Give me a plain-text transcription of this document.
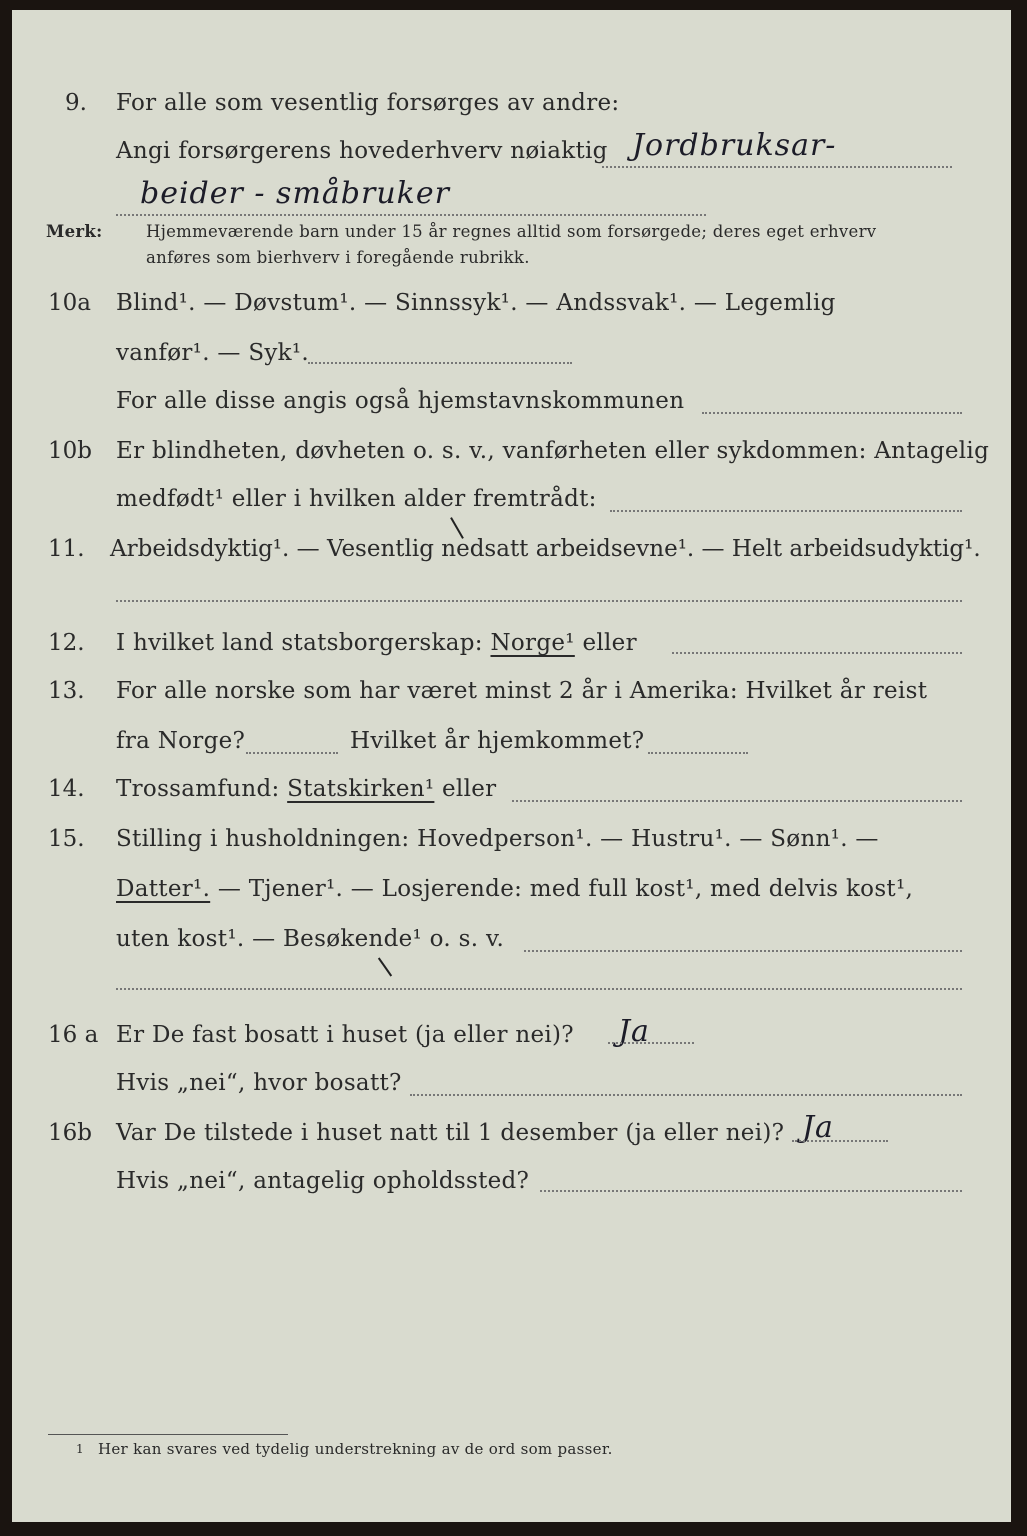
9. For alle som vesentlig forsørges av andre:
Angi forsørgerens hovederhverv nøiaktig Jordbruksar-
beider - småbruker
Merk:	Hjemmeværende barn under 15 år regnes alltid som forsørgede; deres eget erhverv
anføres som bierhverv i foregående rubrikk.
10a Blind¹. — Døvstum¹. — Sinnssyk¹. — Andssvak¹. — Legemlig
vanfør¹. — Syk¹.
For alle disse angis også hjemstavnskommunen
10b Er blindheten, døvheten o. s. v., vanførheten eller sykdommen: Antagelig
medfødt¹ eller i hvilken alder fremtrådt:
11. Arbeidsdyktig¹. — Vesentlig nedsatt arbeidsevne¹. — Helt arbeidsudyktig¹.
12. I hvilket land statsborgerskap: Norge¹ eller
13. For alle norske som har været minst 2 år i Amerika: Hvilket år reist
fra Norge?	Hvilket år hjemkommet?
14. Trossamfund: Statskirken¹ eller
15. Stilling i husholdningen: Hovedperson¹. — Hustru¹. — Sønn¹. —
Datter¹. — Tjener¹. — Losjerende: med full kost¹, med delvis kost¹,
uten kost¹. — Besøkende¹ o. s. v.
16 a Er De fast bosatt i huset (ja eller nei)? Ja
Hvis „nei“, hvor bosatt?
16b Var De tilstede i huset natt til 1 desember (ja eller nei)? Ja
Hvis „nei“, antagelig opholdssted?
1 Her kan svares ved tydelig understrekning av de ord som passer.
